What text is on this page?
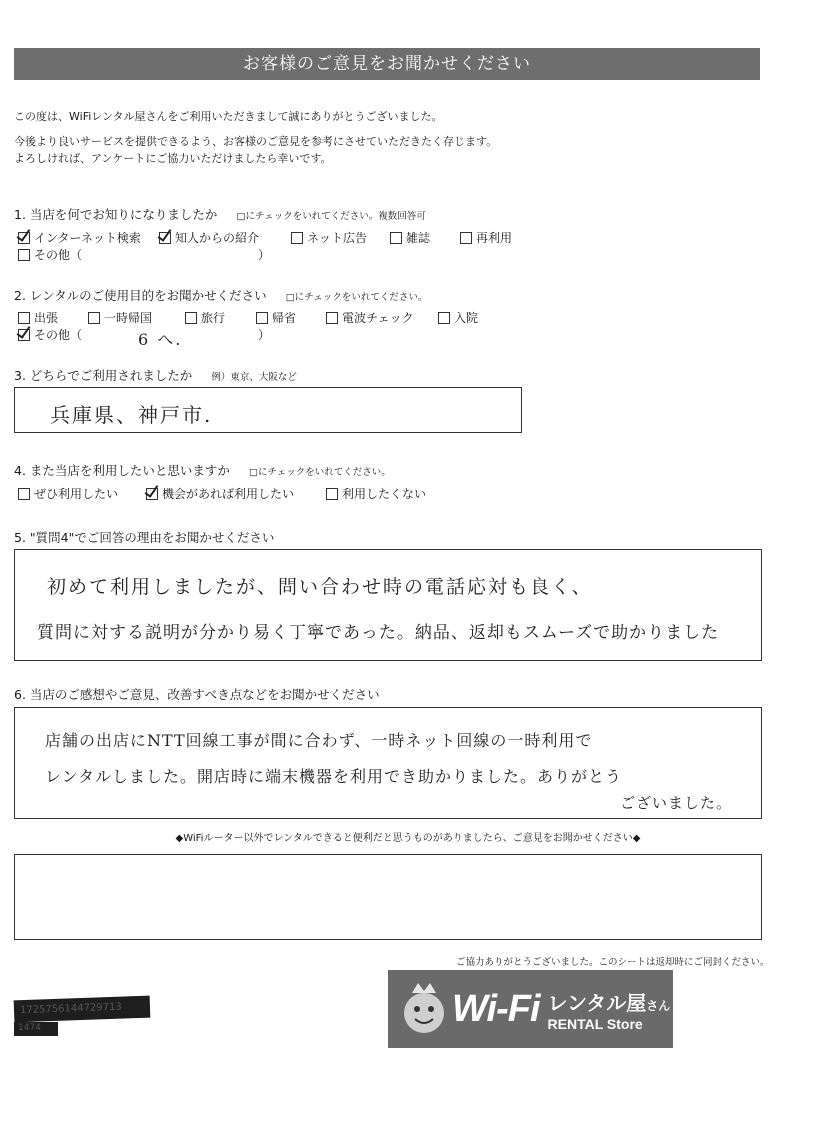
お客様のご意見をお聞かせください

この度は、WiFiレンタル屋さんをご利用いただきまして誠にありがとうございました。

今後より良いサービスを提供できるよう、お客様のご意見を参考にさせていただきたく存じます。

よろしければ、アンケートにご協力いただけましたら幸いです。

1. 当店を何でお知りになりましたか □にチェックをいれてください。複数回答可
インターネット検索	知人からの紹介	ネット広告	雑誌	再利用
その他（	）
2. レンタルのご使用目的をお聞かせください □にチェックをいれてください。
出張	一時帰国	旅行	帰省	電波チェック	入院
その他（	6 へ.	）
3. どちらでご利用されましたか 例）東京、大阪など
兵庫県、神戸市.
4. また当店を利用したいと思いますか □にチェックをいれてください。
ぜひ利用したい	機会があれば利用したい	利用したくない
5. "質問4"でご回答の理由をお聞かせください
初めて利用しましたが、問い合わせ時の電話応対も良く、
質問に対する説明が分かり易く丁寧であった。納品、返却もスムーズで助かりました
6. 当店のご感想やご意見、改善すべき点などをお聞かせください
店舗の出店にNTT回線工事が間に合わず、一時ネット回線の一時利用で
レンタルしました。開店時に端末機器を利用でき助かりました。ありがとう
ございました。
◆WiFiルーター以外でレンタルできると便利だと思うものがありましたら、ご意見をお聞かせください◆
ご協力ありがとうございました。このシートは返却時にご同封ください。
1725756144729713
1474	Wi-Fi レンタル屋さん
RENTAL Store
